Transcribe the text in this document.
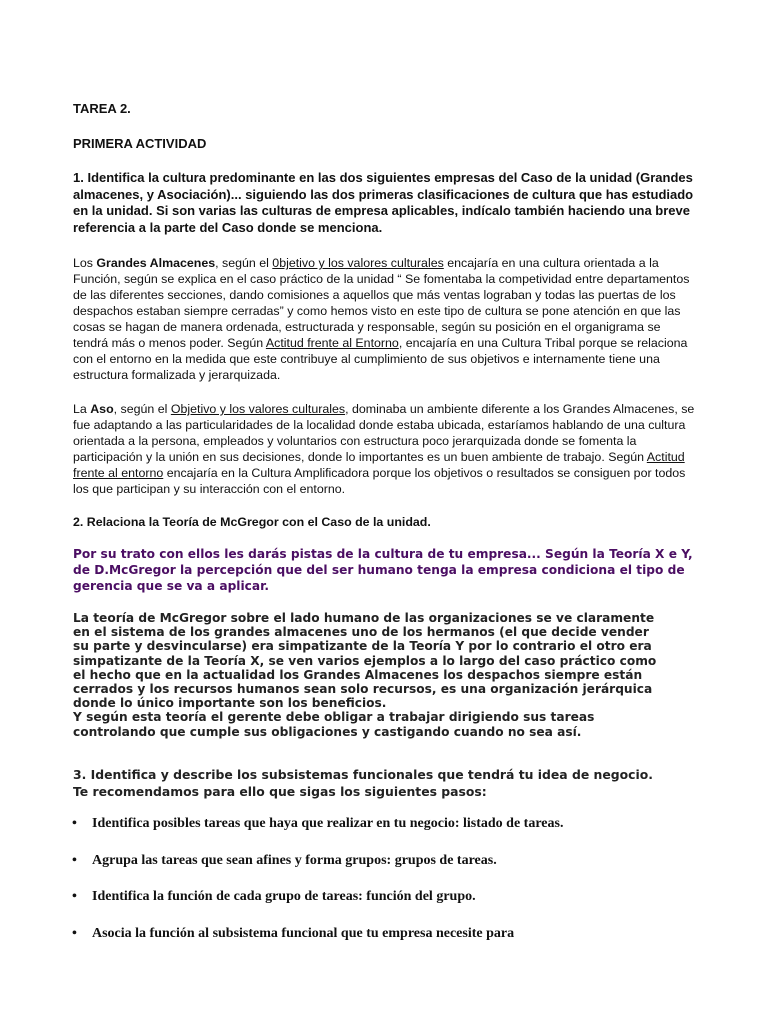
TAREA 2.
PRIMERA ACTIVIDAD
1. Identifica la cultura predominante en las dos siguientes empresas del Caso de la unidad (Grandes almacenes, y Asociación)... siguiendo las dos primeras clasificaciones de cultura que has estudiado en la unidad. Si son varias las culturas de empresa aplicables, indícalo también haciendo una breve referencia a la parte del Caso donde se menciona.
Los Grandes Almacenes, según el 0bjetivo y los valores culturales encajaría en una cultura orientada a la Función, según se explica en el caso práctico de la unidad “ Se fomentaba la competividad entre departamentos de las diferentes secciones, dando comisiones a aquellos que más ventas lograban y todas las puertas de los despachos estaban siempre cerradas” y como hemos visto en este tipo de cultura se pone atención en que las cosas se hagan de manera ordenada, estructurada y responsable, según su posición en el organigrama se tendrá más o menos poder. Según Actitud frente al Entorno, encajaría en una Cultura Tribal porque se relaciona con el entorno en la medida que este contribuye al cumplimiento de sus objetivos e internamente tiene una estructura formalizada y jerarquizada.
La Aso, según el Objetivo y los valores culturales, dominaba un ambiente diferente a los Grandes Almacenes, se fue adaptando a las particularidades de la localidad donde estaba ubicada, estaríamos hablando de una cultura orientada a la persona, empleados y voluntarios con estructura poco jerarquizada donde se fomenta la participación y la unión en sus decisiones, donde lo importantes es un buen ambiente de trabajo. Según Actitud frente al entorno encajaría en la Cultura Amplificadora porque los objetivos o resultados se consiguen por todos los que participan y su interacción con el entorno.
2. Relaciona la Teoría de McGregor con el Caso de la unidad.
Por su trato con ellos les darás pistas de la cultura de tu empresa... Según la Teoría X e Y, de D.McGregor la percepción que del ser humano tenga la empresa condiciona el tipo de gerencia que se va a aplicar.
La teoría de McGregor sobre el lado humano de las organizaciones se ve claramente
en el sistema de los grandes almacenes uno de los hermanos (el que decide vender
su parte y desvincularse) era simpatizante de la Teoría Y por lo contrario el otro era
simpatizante de la Teoría X, se ven varios ejemplos a lo largo del caso práctico como
el hecho que en la actualidad los Grandes Almacenes los despachos siempre están
cerrados y los recursos humanos sean solo recursos, es una organización jerárquica
donde lo único importante son los beneficios.
Y según esta teoría el gerente debe obligar a trabajar dirigiendo sus tareas
controlando que cumple sus obligaciones y castigando cuando no sea así.
3. Identifica y describe los subsistemas funcionales que tendrá tu idea de negocio.
Te recomendamos para ello que sigas los siguientes pasos:
• Identifica posibles tareas que haya que realizar en tu negocio: listado de tareas.
• Agrupa las tareas que sean afines y forma grupos: grupos de tareas.
• Identifica la función de cada grupo de tareas: función del grupo.
• Asocia la función al subsistema funcional que tu empresa necesite para
